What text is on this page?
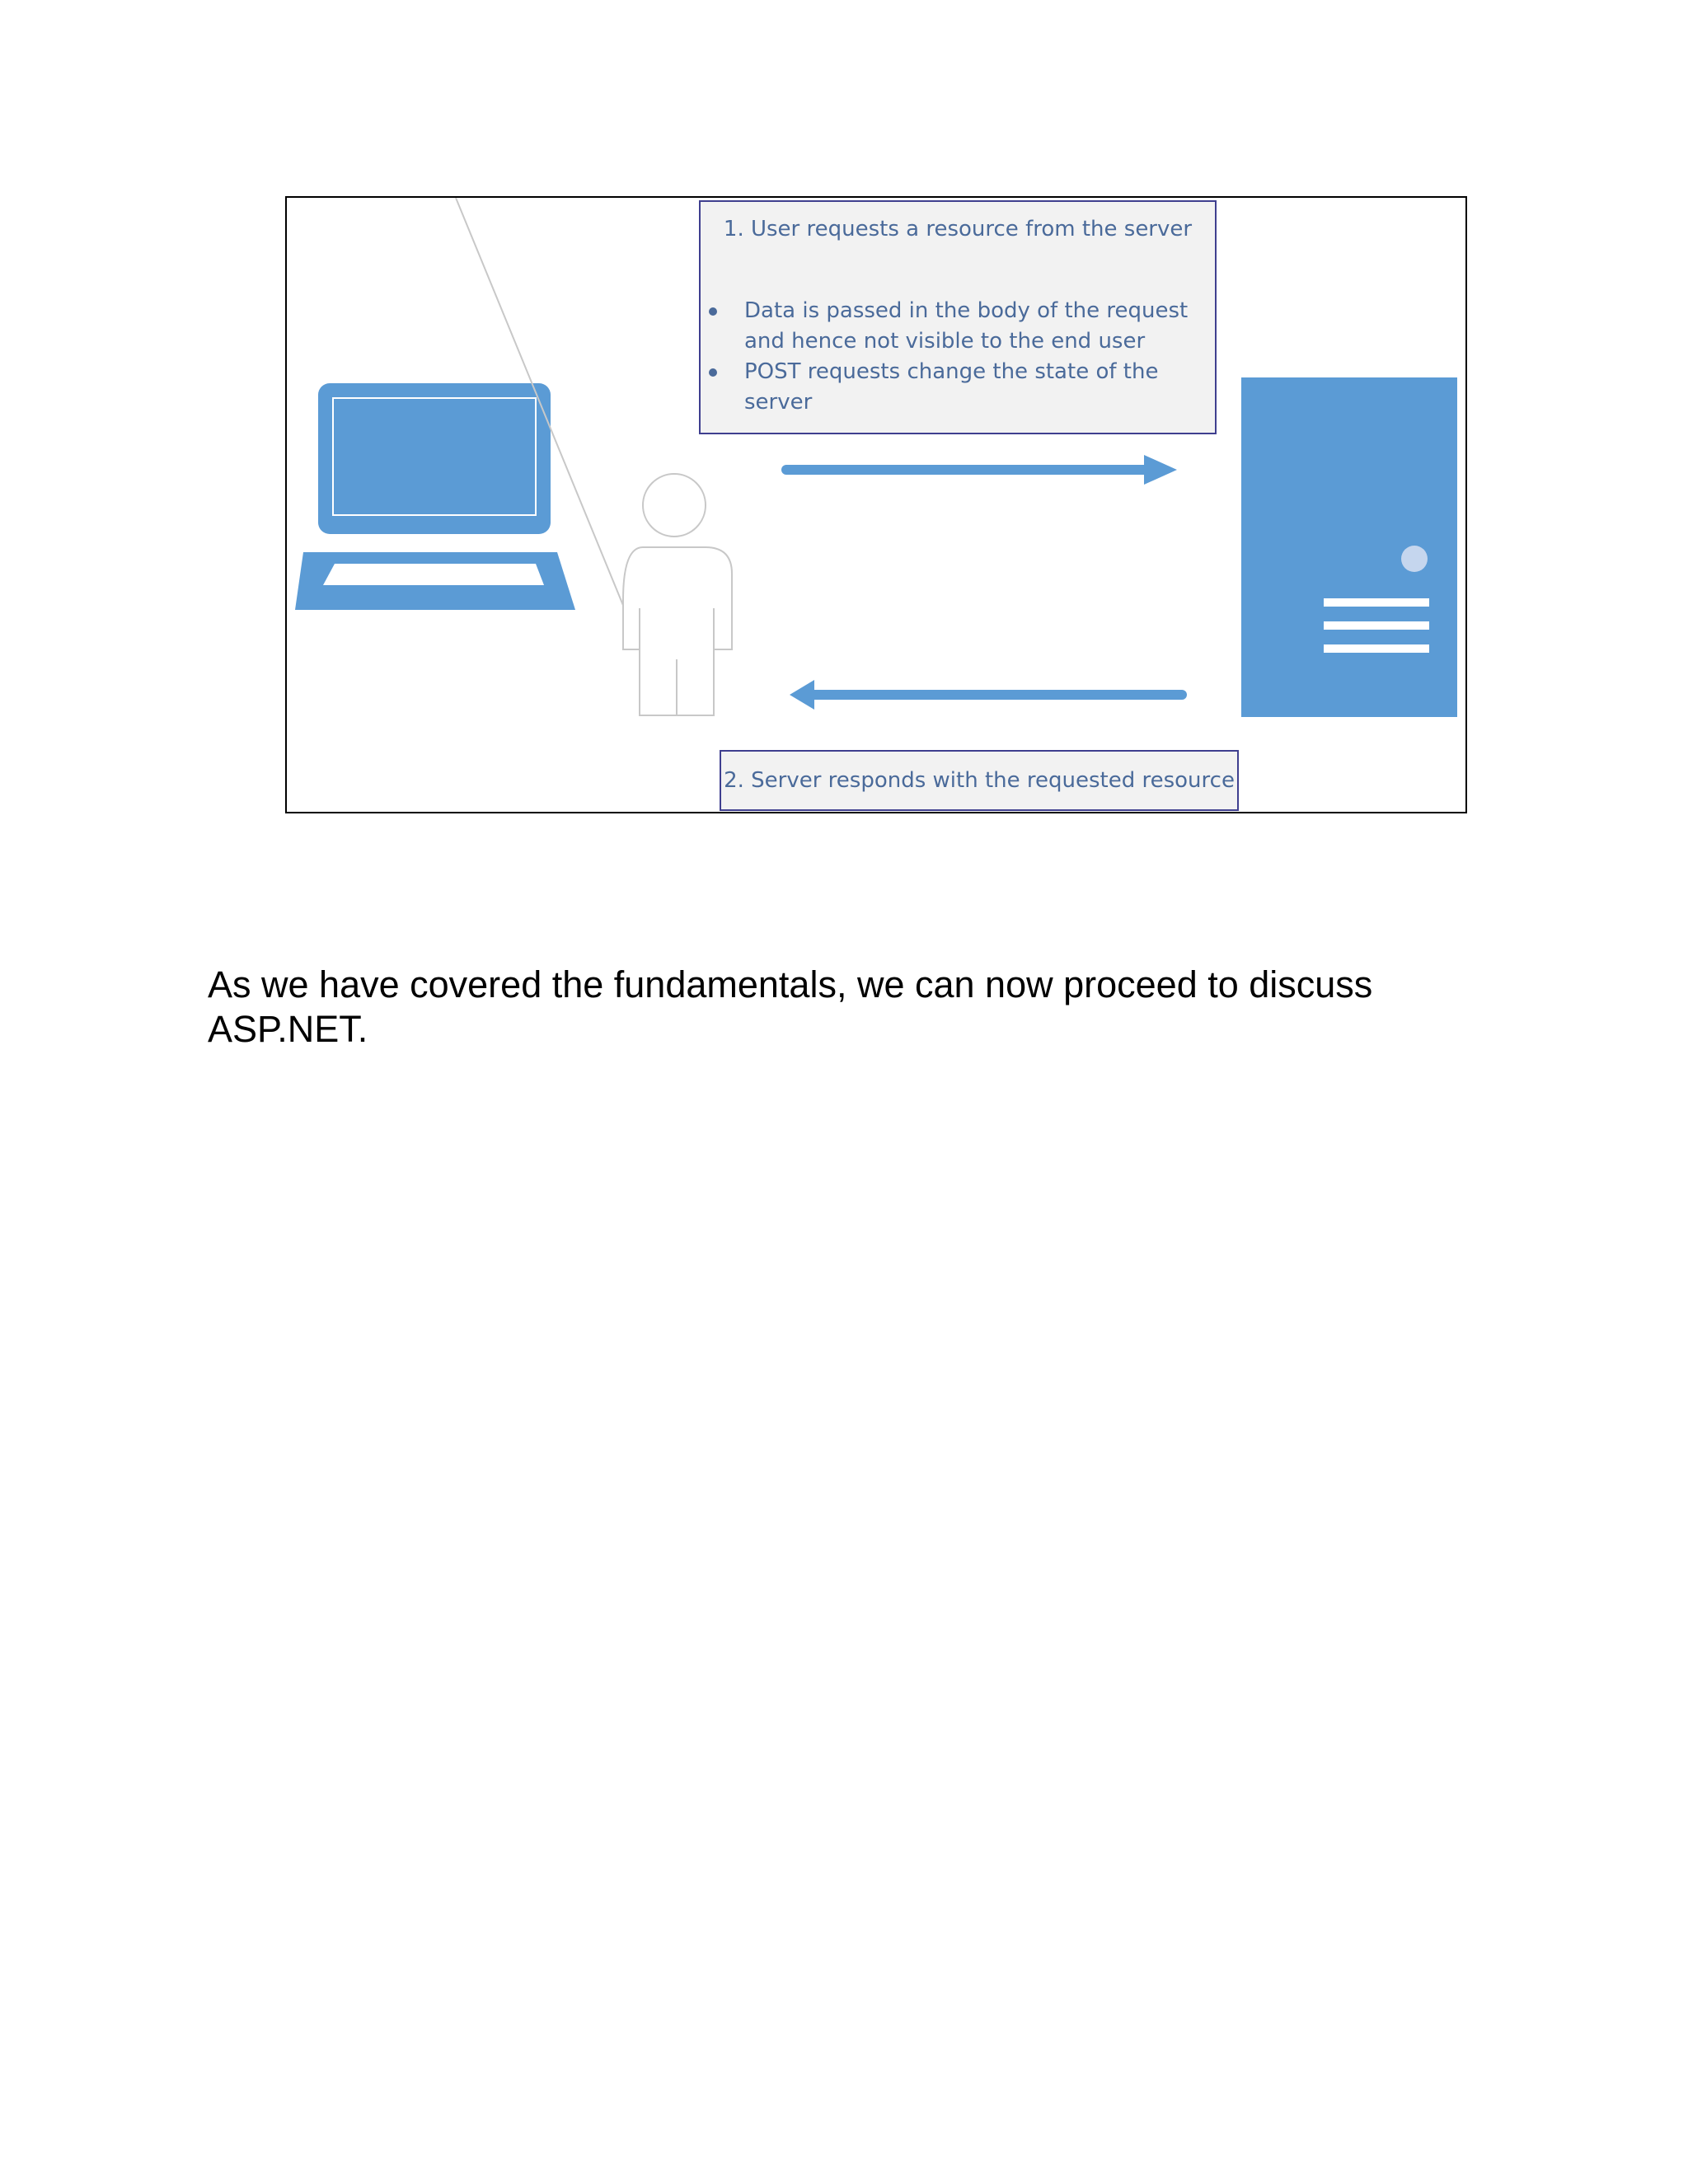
1. User requests a resource from the server
Data is passed in the body of the request and hence not visible to the end user
POST requests change the state of the server
2. Server responds with the requested resource

As we have covered the fundamentals, we can now proceed to discuss ASP.NET.
